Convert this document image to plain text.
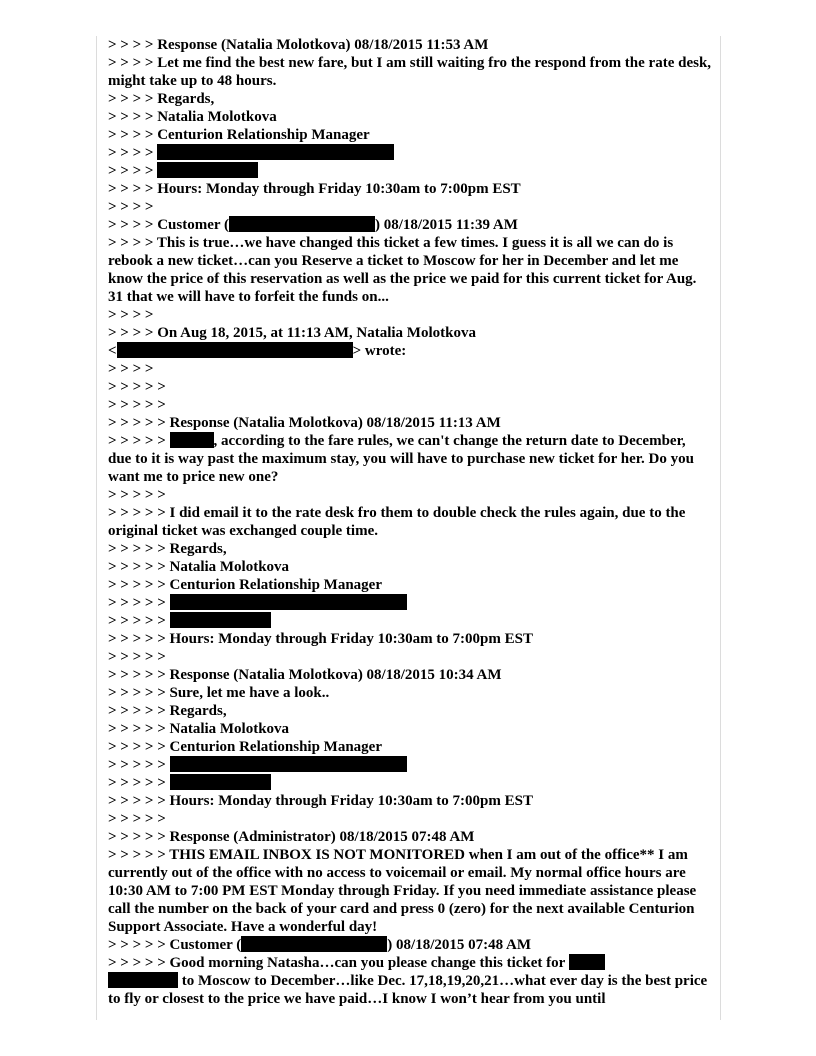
> > > > Response (Natalia Molotkova) 08/18/2015 11:53 AM
> > > > Let me find the best new fare, but I am still waiting fro the respond from the rate desk, might take up to 48 hours.
> > > > Regards,
> > > > Natalia Molotkova
> > > > Centurion Relationship Manager
> > > >
> > > >
> > > > Hours: Monday through Friday 10:30am to 7:00pm EST
> > > >
> > > > Customer (	) 08/18/2015 11:39 AM
> > > > This is true…we have changed this ticket a few times. I guess it is all we can do is rebook a new ticket…can you Reserve a ticket to Moscow for her in December and let me know the price of this reservation as well as the price we paid for this current ticket for Aug. 31 that we will have to forfeit the funds on...
> > > >
> > > > On Aug 18, 2015, at 11:13 AM, Natalia Molotkova
<	> wrote:
> > > >
> > > > >
> > > > >
> > > > > Response (Natalia Molotkova) 08/18/2015 11:13 AM
> > > > >	, according to the fare rules, we can't change the return date to December, due to it is way past the maximum stay, you will have to purchase new ticket for her. Do you want me to price new one?
> > > > >
> > > > > I did email it to the rate desk fro them to double check the rules again, due to the original ticket was exchanged couple time.
> > > > > Regards,
> > > > > Natalia Molotkova
> > > > > Centurion Relationship Manager
> > > > >
> > > > >
> > > > > Hours: Monday through Friday 10:30am to 7:00pm EST
> > > > >
> > > > > Response (Natalia Molotkova) 08/18/2015 10:34 AM
> > > > > Sure, let me have a look..
> > > > > Regards,
> > > > > Natalia Molotkova
> > > > > Centurion Relationship Manager
> > > > >
> > > > >
> > > > > Hours: Monday through Friday 10:30am to 7:00pm EST
> > > > >
> > > > > Response (Administrator) 08/18/2015 07:48 AM
> > > > > THIS EMAIL INBOX IS NOT MONITORED when I am out of the office** I am currently out of the office with no access to voicemail or email. My normal office hours are 10:30 AM to 7:00 PM EST Monday through Friday. If you need immediate assistance please call the number on the back of your card and press 0 (zero) for the next available Centurion Support Associate. Have a wonderful day!
> > > > > Customer (	) 08/18/2015 07:48 AM
> > > > > Good morning Natasha…can you please change this ticket for
to Moscow to December…like Dec. 17,18,19,20,21…what ever day is the best price to fly or closest to the price we have paid…I know I won’t hear from you until
